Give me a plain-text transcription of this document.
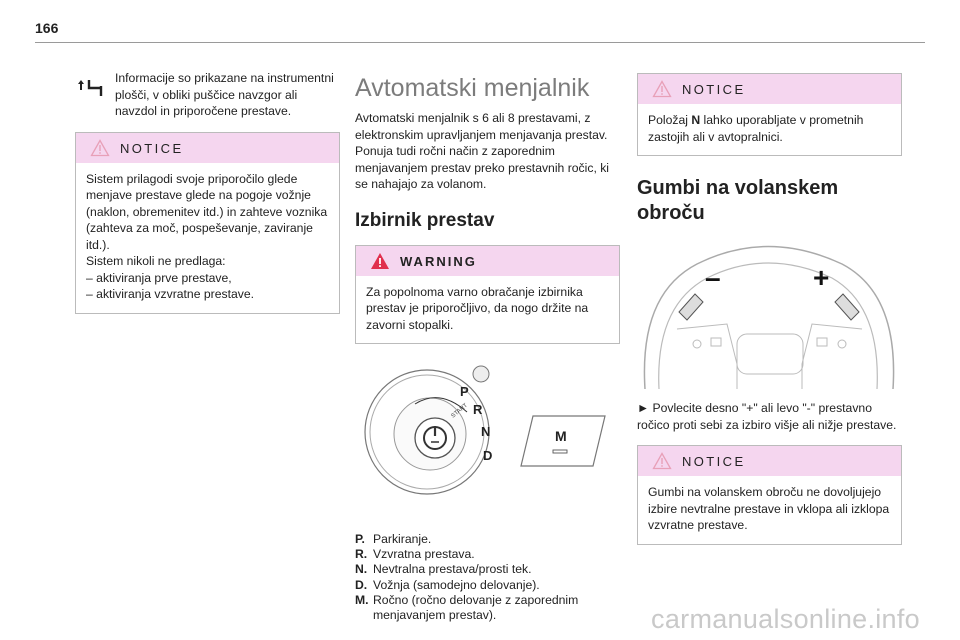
166
Informacije so prikazane na instrumentni plošči, v obliki puščice navzgor ali navzdol in priporočene prestave.
NOTICE

Sistem prilagodi svoje priporočilo glede menjave prestave glede na pogoje vožnje (naklon, obremenitev itd.) in zahteve voznika (zahteva za moč, pospeševanje, zaviranje itd.).

Sistem nikoli ne predlaga:

– aktiviranja prve prestave,

– aktiviranja vzvratne prestave.

Avtomatski menjalnik

Avtomatski menjalnik s 6 ali 8 prestavami, z elektronskim upravljanjem menjavanja prestav. Ponuja tudi ročni način z zaporednim menjavanjem prestav preko prestavnih ročic, ki se nahajajo za volanom.

Izbirnik prestav
WARNING

Za popolnoma varno obračanje izbirnika prestav je priporočljivo, da nogo držite na zavorni stopalki.

P
R
N
D
START
M
P. Parkiranje.
R. Vzvratna prestava.
N. Nevtralna prestava/prosti tek.
D. Vožnja (samodejno delovanje).
M. Ročno (ročno delovanje z zaporednim menjavanjem prestav).
NOTICE

Položaj N lahko uporabljate v prometnih zastojih ali v avtopralnici.

Gumbi na volanskem obroču
–	+

► Povlecite desno "+" ali levo "-" prestavno ročico proti sebi za izbiro višje ali nižje prestave.

NOTICE

Gumbi na volanskem obroču ne dovoljujejo izbire nevtralne prestave in vklopa ali izklopa vzvratne prestave.

carmanualsonline.info
